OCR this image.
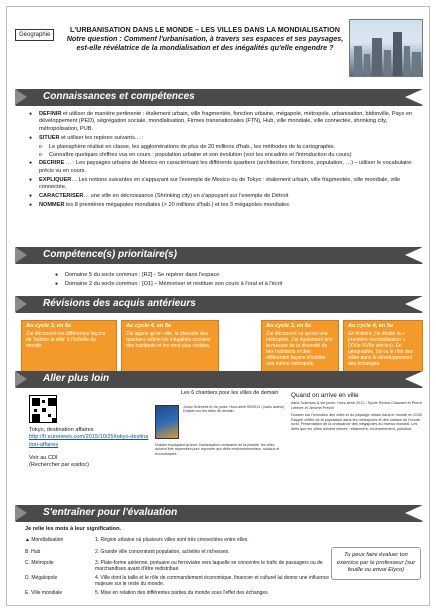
Géographie
L'URBANISATION DANS LE MONDE – LES VILLES DANS LA MONDIALISATION
Notre question : Comment l'urbanisation, à travers ses espaces et ses paysages, est-elle révélatrice de la mondialisation et des inégalités qu'elle engendre ?
Connaissances et compétences
● DEFINIR et utiliser de manière pertinente : étalement urbain, ville fragmentée, fonction urbaine, mégapole, métropole, urbanisation, bidonville, Pays en développement (PED), ségrégation sociale, mondialisation, Firmes transnationales (FTN), Hub, ville mondiale, ville connectée, shrinking city, métropolisation, PUB.
● SITUER et utiliser les repères suivants… :
o Le planisphère réalisé en classe, les agglomérations de plus de 20 millions d'hab., les méthodes de la cartographie.
o Connaître quelques chiffres vus en cours : population urbaine et son évolution (voir les encadrés et l'introduction du cours)
● DECRIRE … : Les paysages urbains de Mexico en caractérisant les différents quartiers (architecture, fonctions, population, …) – utiliser le vocabulaire précis vu en cours.
● EXPLIQUER… Les notions suivantes en s'appuyant sur l'exemple de Mexico ou de Tokyo : étalement urbain, ville fragmentée, ville mondiale, ville connectée.
● CARACTERISER… une ville en décroissance (Shrinking city) en s'appuyant sur l'exemple de Détroit
● NOMMER les 8 premières mégapoles mondiales (> 20 millions d'hab.) et les 3 mégapoles mondiales
Compétence(s) prioritaire(s)
● Domaine 5 du socle commun : [R2] - Se repérer dans l'espace
● Domaine 2 du socle commun : [O1] – Mémoriser et restituer son cours à l'oral et à l'écrit
Révisions des acquis antérieurs
Au cycle 3, en 6e
J'ai découvert les différentes façons de 'habiter la ville' à l'échelle du monde.
Au cycle 4, en 5e
J'ai appris qu'en ville, la diversité des quartiers reflète les inégalités sociales des habitants et les rend plus visibles.
Au cycle 3, en 6e
J'ai découvert ce qu'est une métropole. J'ai également pris la mesure de la diversité de ses habitants et des différentes façons d'habiter une même métropole.
Au cycle 4, en 5e
En histoire, j'ai étudié la « première mondialisation » (XVIe-XVIIe siècles). En géographie, j'ai vu le rôle des villes dans le développement des échanges.
Aller plus loin
Tokyo, destination affaires
http://fr.euronews.com/2015/10/25/tokyo-destination-affaires
Voir au CDI
(Rechercher par esidoc)
Les 6 chantiers pour les villes de demain
Junior Sciences et vie junior. Hors-série 09/2014 / (sans auteur) Dossier sur les villes de demain.
Dossier expliquant qu'avec l'urbanisation croissante de la planète, les villes doivent être repensées pour répondre aux défis environnementaux, sociaux et économiques.
Quand on arrive en ville
dans Sciences & vie junior. Hors-série 2012 / Sylvie Redon-Clauzard et Pierre Lefèvre et Jérôme Prévot
Dossier sur l'évolution des villes et du paysage urbain dans le monde en 2030. Rappel chiffré de la population dans les métropoles et des causes de l'exode rural. Présentation de la croissance des mégapoles au niveau mondial. Les défis que les villes doivent relever : étalement, environnement, pollution.
S'entraîner pour l'évaluation
Je relie les mots à leur signification.
▲ Mondialisation	1. Région urbaine où plusieurs villes sont très connectées entre elles.
B. Hub	2. Grande ville concentrant population, activités et richesses.
C. Métropole	3. Plate-forme aérienne, portuaire ou ferroviaire vers laquelle se concentre le trafic de passagers ou de marchandises avant d'être redistribué.
D. Mégalopole	4. Ville dont la taille et le rôle de commandement économique, financier et culturel lui donne une influence majeure sur le reste du monde.
E. Ville mondiale	5. Mise en relation des différentes parties du monde sous l'effet des échanges.
Tu peux faire évaluer ton exercice par le professeur (sur feuille ou envoi Elyco)
